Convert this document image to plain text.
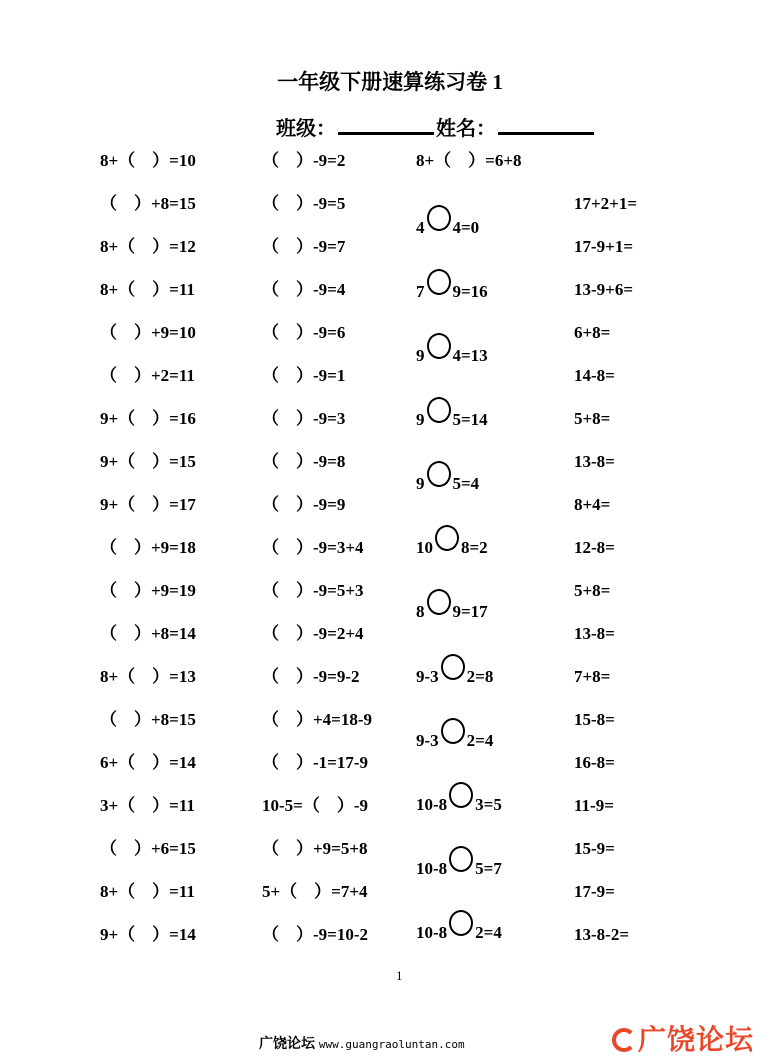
一年级下册速算练习卷 1
班级：	姓名：
8+（　）=10
（　）+8=15
8+（　）=12
8+（　）=11
（　）+9=10
（　）+2=11
9+（　）=16
9+（　）=15
9+（　）=17
（　）+9=18
（　）+9=19
（　）+8=14
8+（　）=13
（　）+8=15
6+（　）=14
3+（　）=11
（　）+6=15
8+（　）=11
9+（　）=14
（　）-9=2
（　）-9=5
（　）-9=7
（　）-9=4
（　）-9=6
（　）-9=1
（　）-9=3
（　）-9=8
（　）-9=9
（　）-9=3+4
（　）-9=5+3
（　）-9=2+4
（　）-9=9-2
（　）+4=18-9
（　）-1=17-9
10-5=（　）-9
（　）+9=5+8
5+（　）=7+4
（　）-9=10-2
8+（　）=6+8
4 4=0
7 9=16
9 4=13
9 5=14
9 5=4
10 8=2
8 9=17
9-3 2=8
9-3 2=4
10-8 3=5
10-8 5=7
10-8 2=4
17+2+1=
17-9+1=
13-9+6=
6+8=
14-8=
5+8=
13-8=
8+4=
12-8=
5+8=
13-8=
7+8=
15-8=
16-8=
11-9=
15-9=
17-9=
13-8-2=
1
广饶论坛 www.guangraoluntan.com	广饶论坛
